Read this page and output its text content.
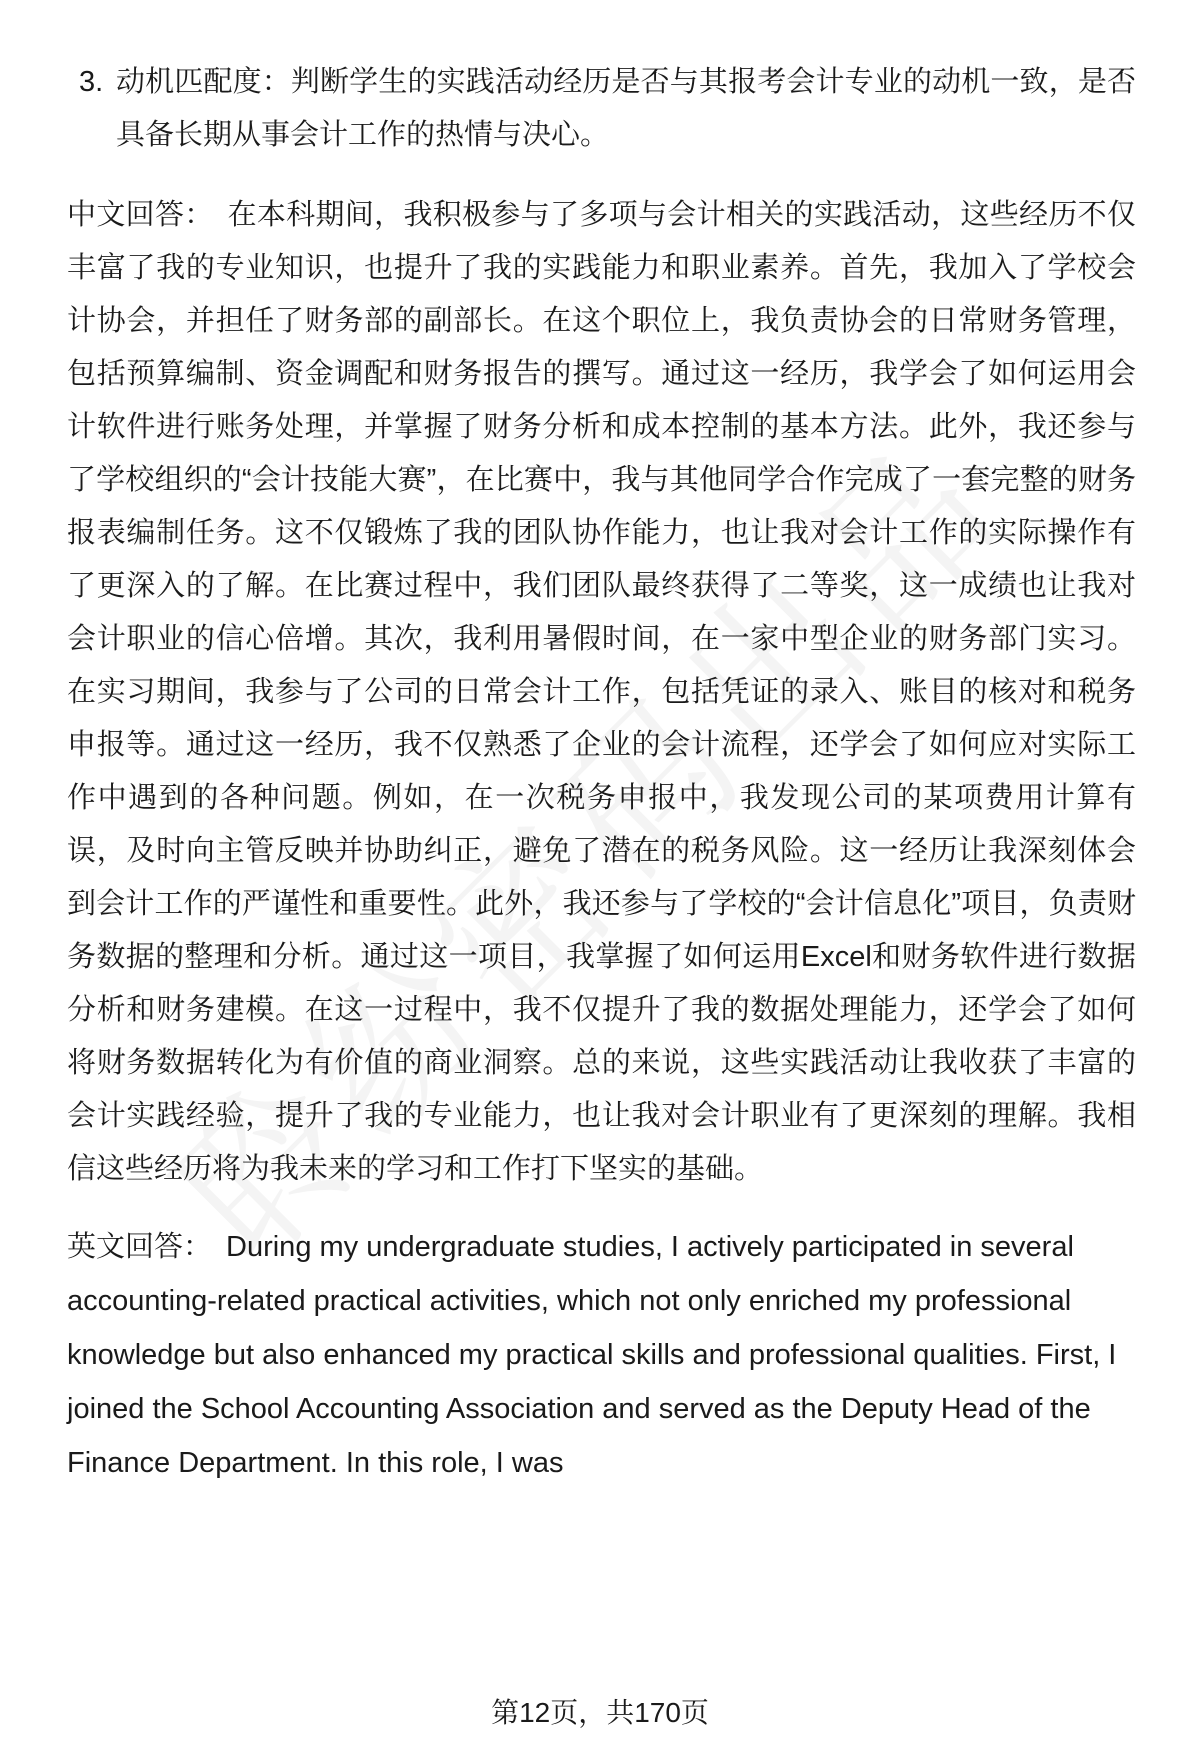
3. 动机匹配度：判断学生的实践活动经历是否与其报考会计专业的动机一致，是否具备长期从事会计工作的热情与决心。

中文回答： 在本科期间，我积极参与了多项与会计相关的实践活动，这些经历不仅丰富了我的专业知识，也提升了我的实践能力和职业素养。首先，我加入了学校会计协会，并担任了财务部的副部长。在这个职位上，我负责协会的日常财务管理，包括预算编制、资金调配和财务报告的撰写。通过这一经历，我学会了如何运用会计软件进行账务处理，并掌握了财务分析和成本控制的基本方法。此外，我还参与了学校组织的“会计技能大赛”，在比赛中，我与其他同学合作完成了一套完整的财务报表编制任务。这不仅锻炼了我的团队协作能力，也让我对会计工作的实际操作有了更深入的了解。在比赛过程中，我们团队最终获得了二等奖，这一成绩也让我对会计职业的信心倍增。其次，我利用暑假时间，在一家中型企业的财务部门实习。在实习期间，我参与了公司的日常会计工作，包括凭证的录入、账目的核对和税务申报等。通过这一经历，我不仅熟悉了企业的会计流程，还学会了如何应对实际工作中遇到的各种问题。例如，在一次税务申报中，我发现公司的某项费用计算有误，及时向主管反映并协助纠正，避免了潜在的税务风险。这一经历让我深刻体会到会计工作的严谨性和重要性。此外，我还参与了学校的“会计信息化”项目，负责财务数据的整理和分析。通过这一项目，我掌握了如何运用Excel和财务软件进行数据分析和财务建模。在这一过程中，我不仅提升了我的数据处理能力，还学会了如何将财务数据转化为有价值的商业洞察。总的来说，这些实践活动让我收获了丰富的会计实践经验，提升了我的专业能力，也让我对会计职业有了更深刻的理解。我相信这些经历将为我未来的学习和工作打下坚实的基础。

英文回答： During my undergraduate studies, I actively participated in several accounting-related practical activities, which not only enriched my professional knowledge but also enhanced my practical skills and professional qualities. First, I joined the School Accounting Association and served as the Deputy Head of the Finance Department. In this role, I was

第12页，共170页
